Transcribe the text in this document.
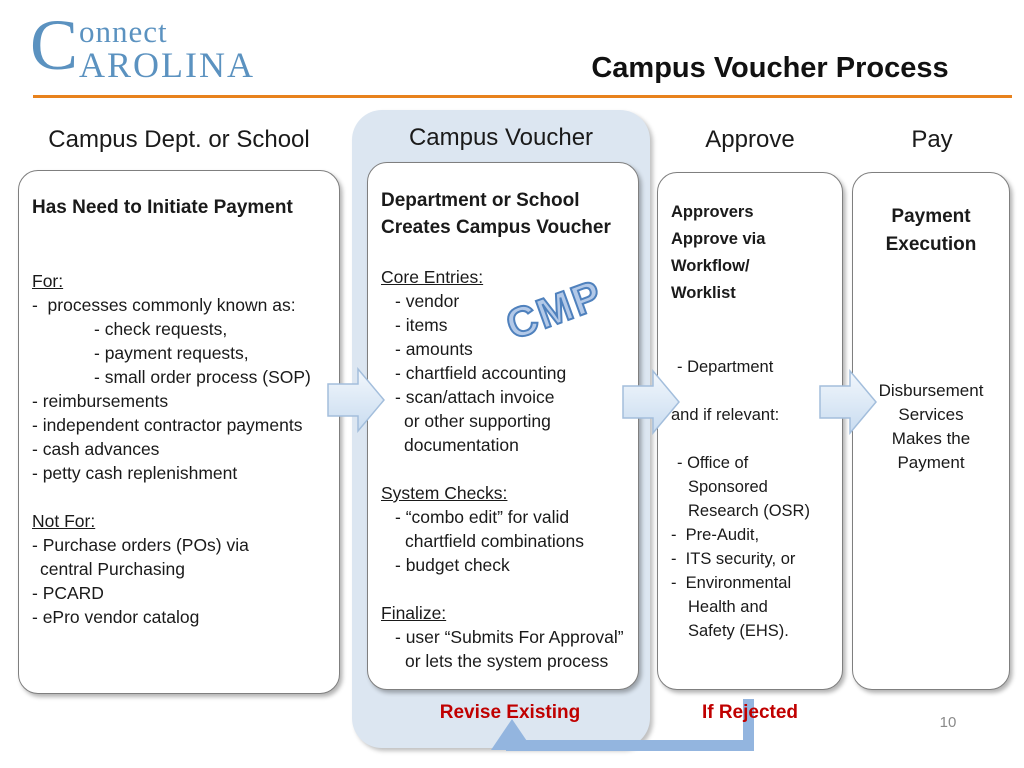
C onnect
AROLINA	Campus Voucher Process
Campus Dept. or School	Campus Voucher	Approve	Pay
Has Need to Initiate Payment

For:
-  processes commonly known as:
- check requests,
- payment requests,
- small order process (SOP)
- reimbursements
- independent contractor payments
- cash advances
- petty cash replenishment

Not For:
- Purchase orders (POs) via
central Purchasing
- PCARD
- ePro vendor catalog
Department or School
Creates Campus Voucher

Core Entries:
- vendor
- items
- amounts
- chartfield accounting
- scan/attach invoice
or other supporting
documentation

System Checks:
- “combo edit” for valid
chartfield combinations
- budget check

Finalize:
- user “Submits For Approval”
or lets the system process
Approvers
Approve via
Workflow/
Worklist

- Department

and if relevant:

- Office of
Sponsored
Research (OSR)
-  Pre-Audit,
-  ITS security, or
-  Environmental
Health and
Safety (EHS).
Payment
Execution

Disbursement
Services
Makes the
Payment
CMP
Revise Existing	If Rejected	10
